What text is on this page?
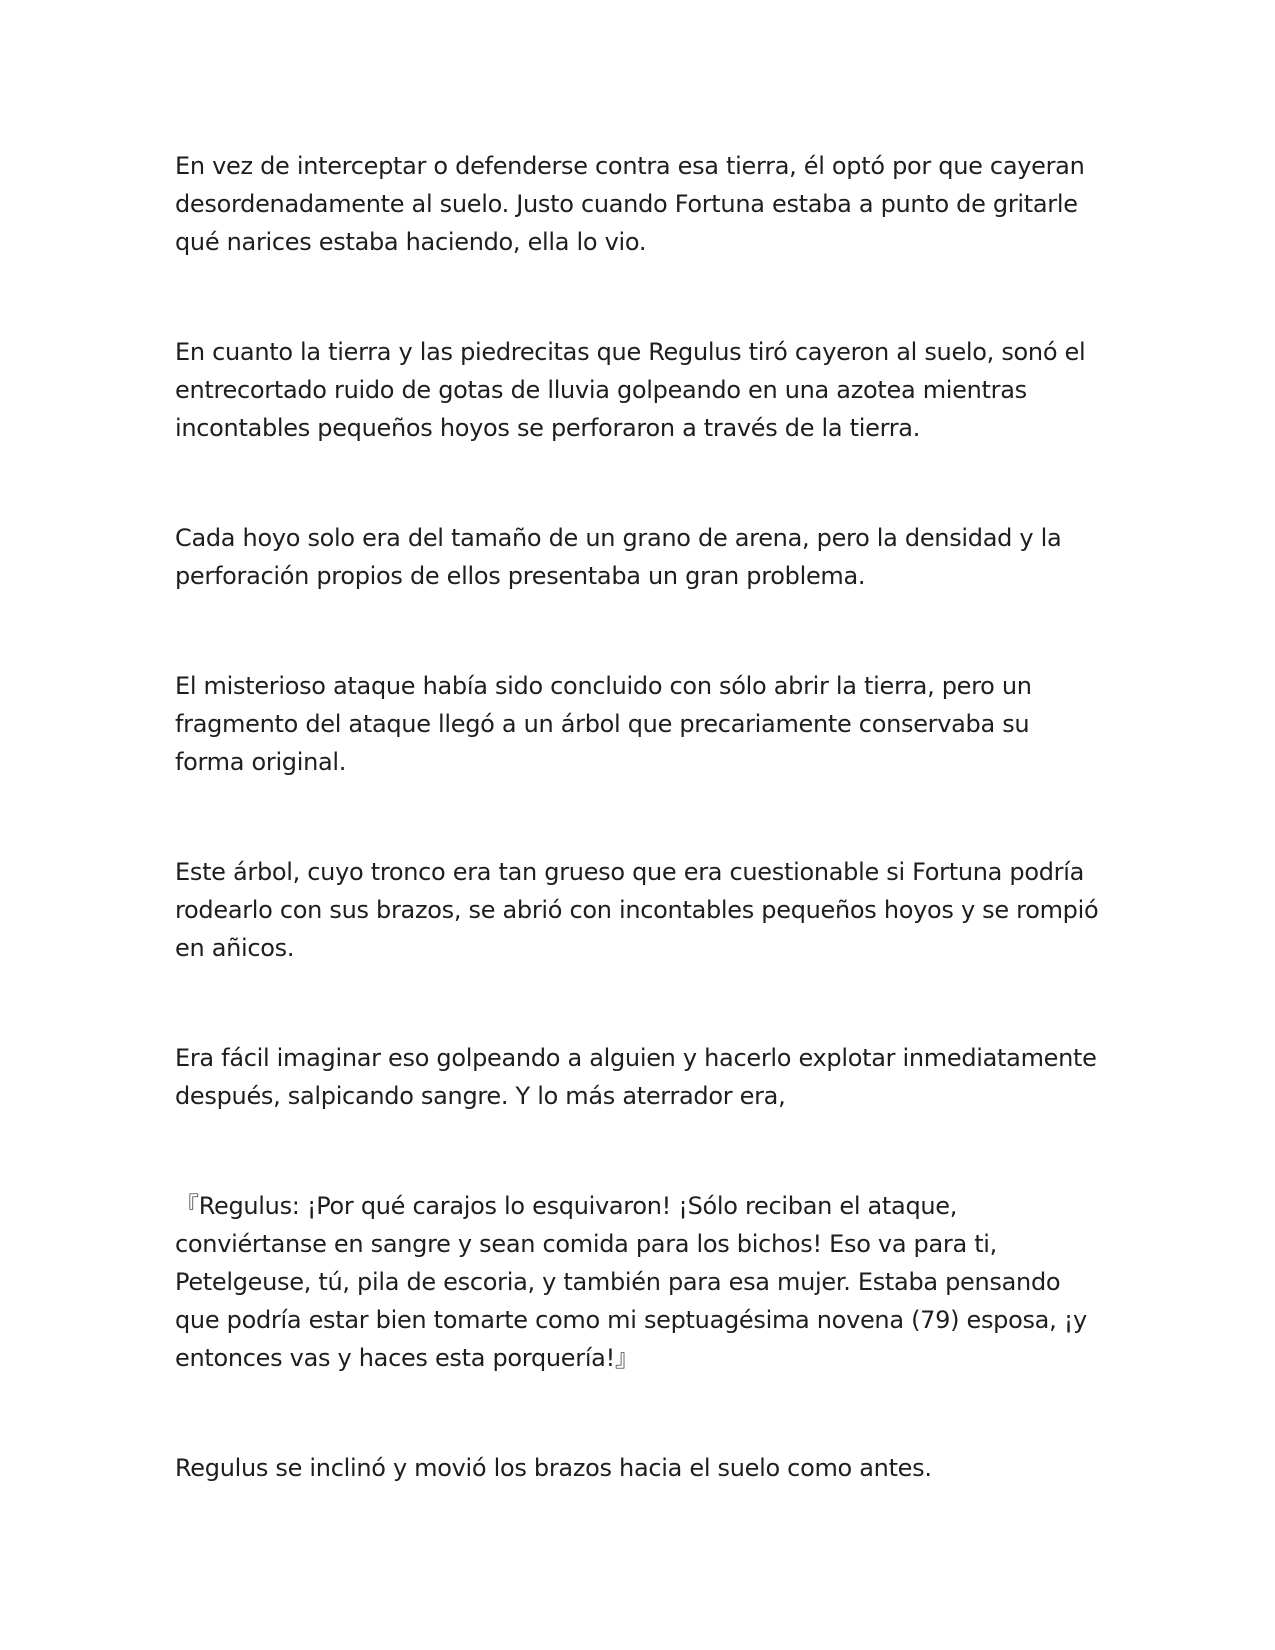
En vez de interceptar o defenderse contra esa tierra, él optó por que cayeran desordenadamente al suelo. Justo cuando Fortuna estaba a punto de gritarle qué narices estaba haciendo, ella lo vio.

En cuanto la tierra y las piedrecitas que Regulus tiró cayeron al suelo, sonó el entrecortado ruido de gotas de lluvia golpeando en una azotea mientras incontables pequeños hoyos se perforaron a través de la tierra.

Cada hoyo solo era del tamaño de un grano de arena, pero la densidad y la perforación propios de ellos presentaba un gran problema.

El misterioso ataque había sido concluido con sólo abrir la tierra, pero un fragmento del ataque llegó a un árbol que precariamente conservaba su forma original.

Este árbol, cuyo tronco era tan grueso que era cuestionable si Fortuna podría rodearlo con sus brazos, se abrió con incontables pequeños hoyos y se rompió en añicos.

Era fácil imaginar eso golpeando a alguien y hacerlo explotar inmediatamente después, salpicando sangre. Y lo más aterrador era,

『Regulus: ¡Por qué carajos lo esquivaron! ¡Sólo reciban el ataque, conviértanse en sangre y sean comida para los bichos! Eso va para ti, Petelgeuse, tú, pila de escoria, y también para esa mujer. Estaba pensando que podría estar bien tomarte como mi septuagésima novena (79) esposa, ¡y entonces vas y haces esta porquería!』

Regulus se inclinó y movió los brazos hacia el suelo como antes.
